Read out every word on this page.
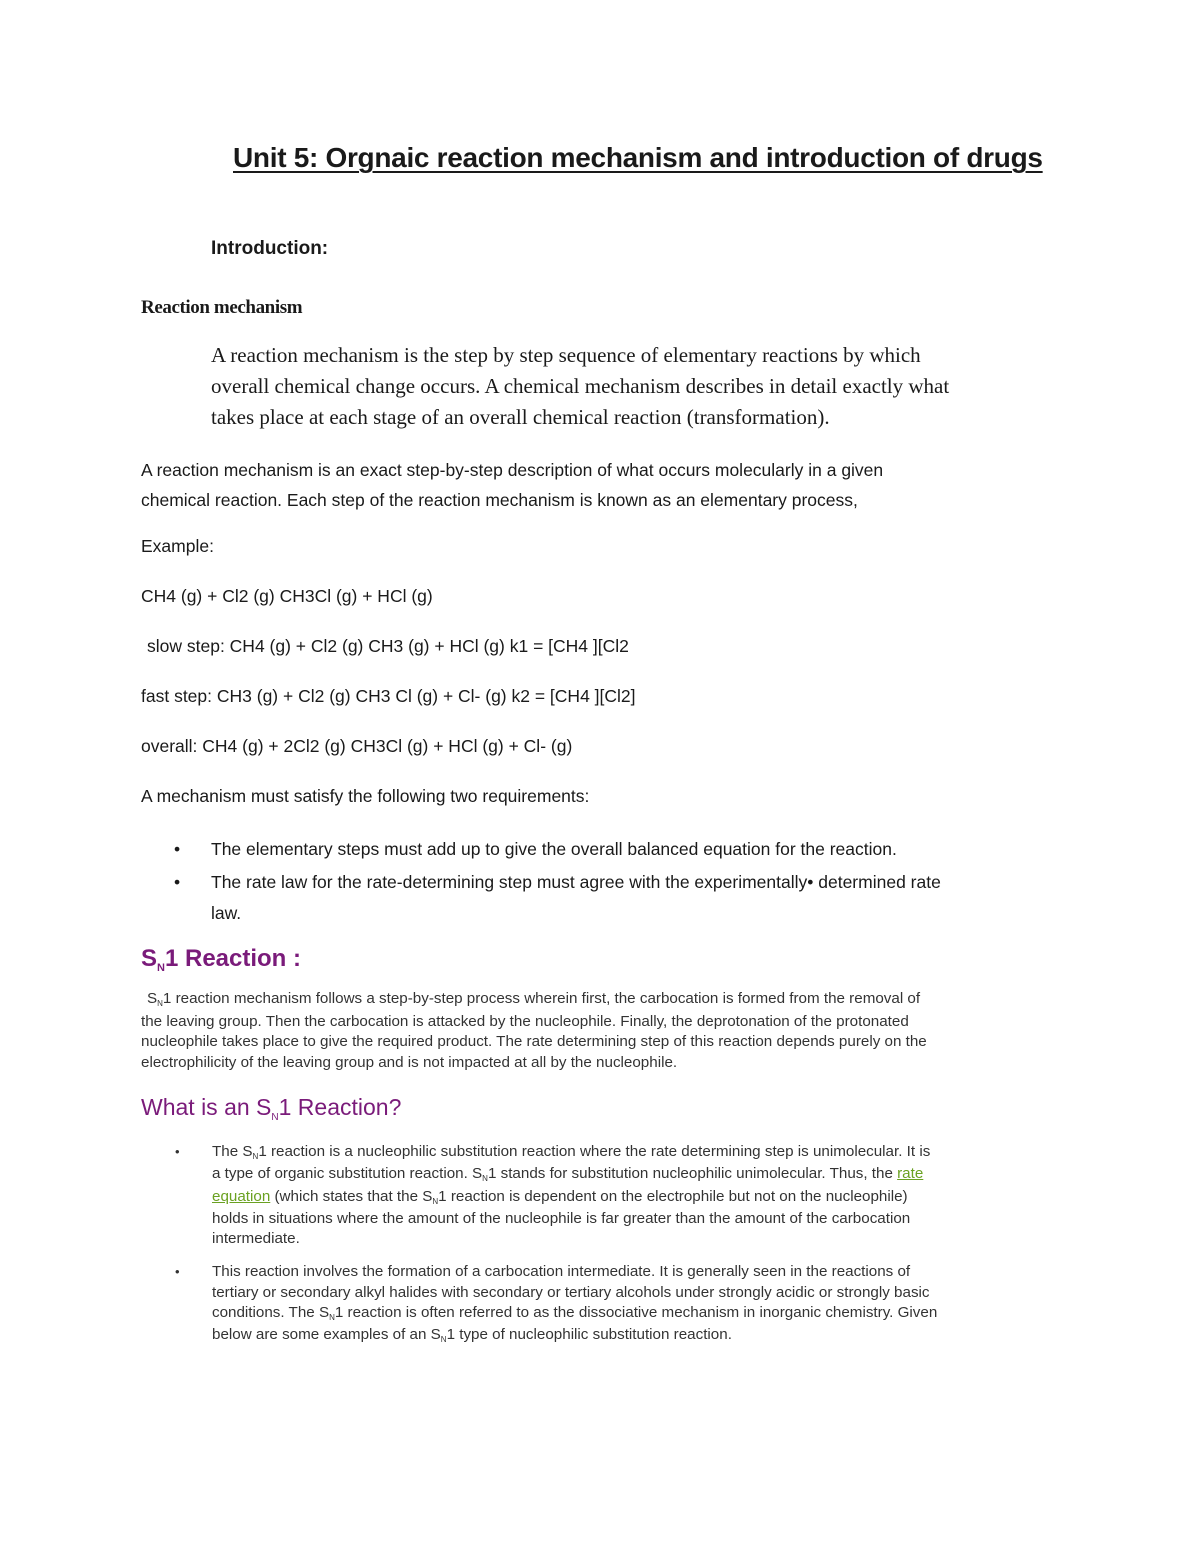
Unit 5: Orgnaic reaction mechanism and introduction of drugs
Introduction:
Reaction mechanism
A reaction mechanism is the step by step sequence of elementary reactions by which
overall chemical change occurs. A chemical mechanism describes in detail exactly what
takes place at each stage of an overall chemical reaction (transformation).
A reaction mechanism is an exact step-by-step description of what occurs molecularly in a given
chemical reaction. Each step of the reaction mechanism is known as an elementary process,
Example:
CH4 (g) + Cl2 (g) CH3Cl (g) + HCl (g)
slow step: CH4 (g) + Cl2 (g) CH3 (g) + HCl (g) k1 = [CH4 ][Cl2
fast step: CH3 (g) + Cl2 (g) CH3 Cl (g) + Cl- (g) k2 = [CH4 ][Cl2]
overall: CH4 (g) + 2Cl2 (g) CH3Cl (g) + HCl (g) + Cl- (g)
A mechanism must satisfy the following two requirements:
• The elementary steps must add up to give the overall balanced equation for the reaction.
• The rate law for the rate-determining step must agree with the experimentally• determined rate
law.
$S_N1$ Reaction :
SN1 reaction mechanism follows a step-by-step process wherein first, the carbocation is formed from the removal of
the leaving group. Then the carbocation is attacked by the nucleophile. Finally, the deprotonation of the protonated
nucleophile takes place to give the required product. The rate determining step of this reaction depends purely on the
electrophilicity of the leaving group and is not impacted at all by the nucleophile.
What is an $S_N1$ Reaction?
• The SN1 reaction is a nucleophilic substitution reaction where the rate determining step is unimolecular. It is
a type of organic substitution reaction. SN1 stands for substitution nucleophilic unimolecular. Thus, the rate
equation (which states that the SN1 reaction is dependent on the electrophile but not on the nucleophile)
holds in situations where the amount of the nucleophile is far greater than the amount of the carbocation
intermediate.
• This reaction involves the formation of a carbocation intermediate. It is generally seen in the reactions of
tertiary or secondary alkyl halides with secondary or tertiary alcohols under strongly acidic or strongly basic
conditions. The SN1 reaction is often referred to as the dissociative mechanism in inorganic chemistry. Given
below are some examples of an SN1 type of nucleophilic substitution reaction.
